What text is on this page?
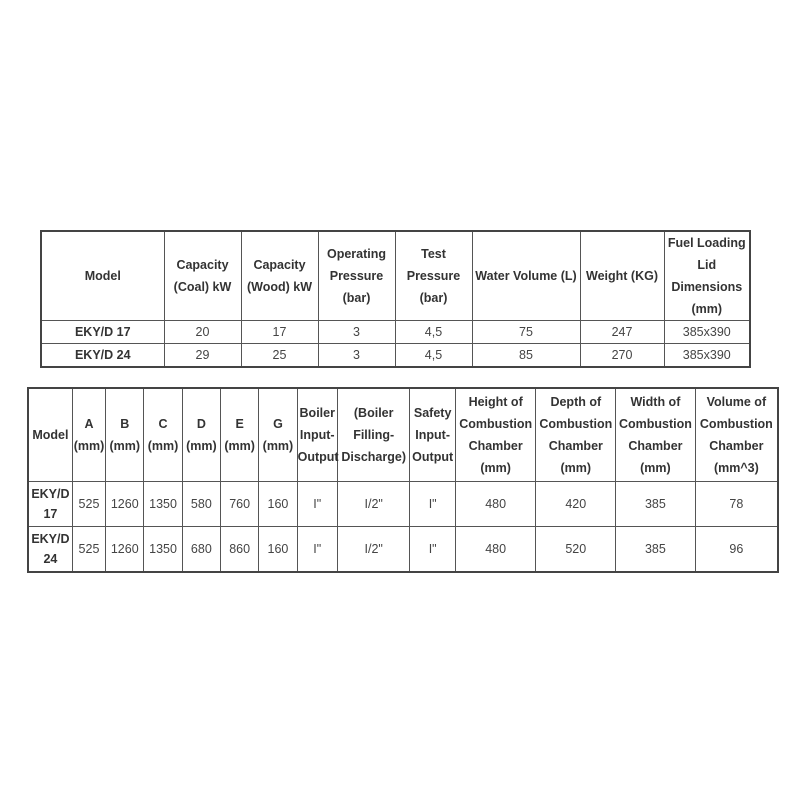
Model	Capacity (Coal) kW	Capacity (Wood) kW	Operating Pressure (bar)	Test Pressure (bar)	Water Volume (L)	Weight (KG)	Fuel Loading Lid Dimensions (mm)
EKY/D 17	20	17	3	4,5	75	247	385x390
EKY/D 24	29	25	3	4,5	85	270	385x390
Model	A (mm)	B (mm)	C (mm)	D (mm)	E (mm)	G (mm)	Boiler Input-Output	(Boiler Filling-Discharge)	Safety Input-Output	Height of Combustion Chamber (mm)	Depth of Combustion Chamber (mm)	Width of Combustion Chamber (mm)	Volume of Combustion Chamber (mm^3)
EKY/D 17	525	1260	1350	580	760	160	I"	I/2"	I"	480	420	385	78
EKY/D 24	525	1260	1350	680	860	160	I"	I/2"	I"	480	520	385	96
